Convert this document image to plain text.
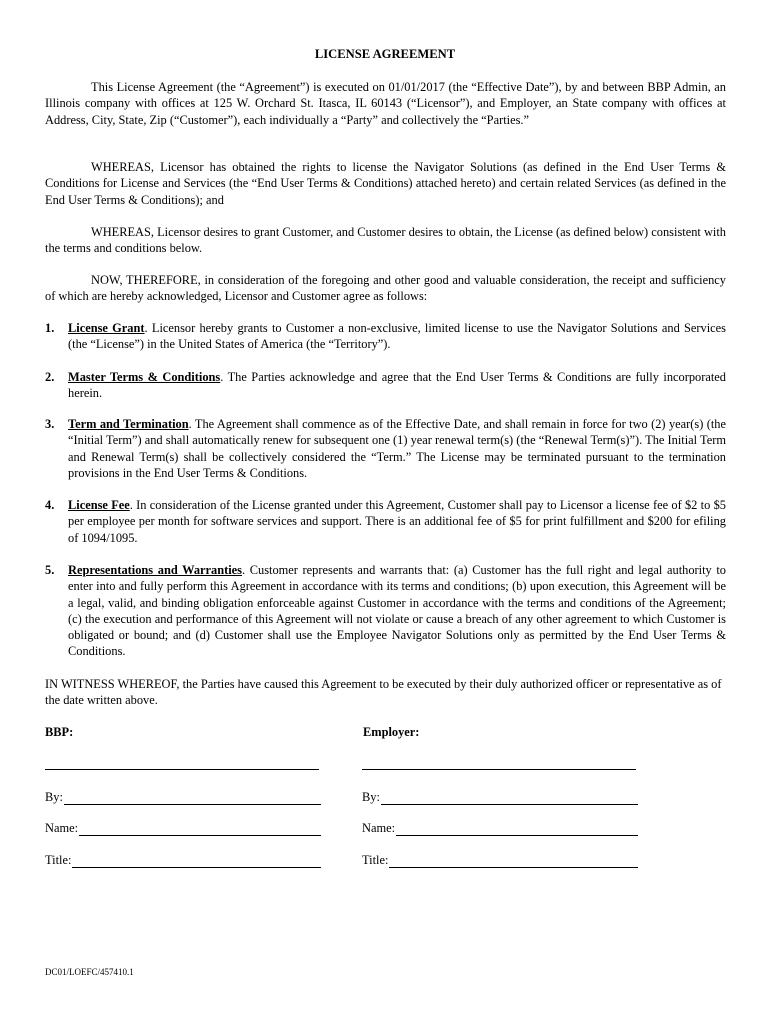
LICENSE AGREEMENT
This License Agreement (the “Agreement”) is executed on 01/01/2017 (the “Effective Date”), by and between BBP Admin, an Illinois company with offices at 125 W. Orchard St. Itasca, IL 60143 (“Licensor”), and Employer, an State company with offices at Address, City, State, Zip (“Customer”), each individually a “Party” and collectively the “Parties.”
WHEREAS, Licensor has obtained the rights to license the Navigator Solutions (as defined in the End User Terms & Conditions for License and Services (the “End User Terms & Conditions) attached hereto) and certain related Services (as defined in the End User Terms & Conditions); and
WHEREAS, Licensor desires to grant Customer, and Customer desires to obtain, the License (as defined below) consistent with the terms and conditions below.
NOW, THEREFORE, in consideration of the foregoing and other good and valuable consideration, the receipt and sufficiency of which are hereby acknowledged, Licensor and Customer agree as follows:
1. License Grant. Licensor hereby grants to Customer a non-exclusive, limited license to use the Navigator Solutions and Services (the “License”) in the United States of America (the “Territory”).
2. Master Terms & Conditions. The Parties acknowledge and agree that the End User Terms & Conditions are fully incorporated herein.
3. Term and Termination. The Agreement shall commence as of the Effective Date, and shall remain in force for two (2) year(s) (the “Initial Term”) and shall automatically renew for subsequent one (1) year renewal term(s) (the “Renewal Term(s)”). The Initial Term and Renewal Term(s) shall be collectively considered the “Term.” The License may be terminated pursuant to the termination provisions in the End User Terms & Conditions.
4. License Fee. In consideration of the License granted under this Agreement, Customer shall pay to Licensor a license fee of $2 to $5 per employee per month for software services and support. There is an additional fee of $5 for print fulfillment and $200 for efiling of 1094/1095.
5. Representations and Warranties. Customer represents and warrants that: (a) Customer has the full right and legal authority to enter into and fully perform this Agreement in accordance with its terms and conditions; (b) upon execution, this Agreement will be a legal, valid, and binding obligation enforceable against Customer in accordance with the terms and conditions of the Agreement; (c) the execution and performance of this Agreement will not violate or cause a breach of any other agreement to which Customer is obligated or bound; and (d) Customer shall use the Employee Navigator Solutions only as permitted by the End User Terms & Conditions.
IN WITNESS WHEREOF, the Parties have caused this Agreement to be executed by their duly authorized officer or representative as of the date written above.
BBP:	Employer:
By:	By:
Name:	Name:
Title:	Title:
DC01/LOEFC/457410.1
